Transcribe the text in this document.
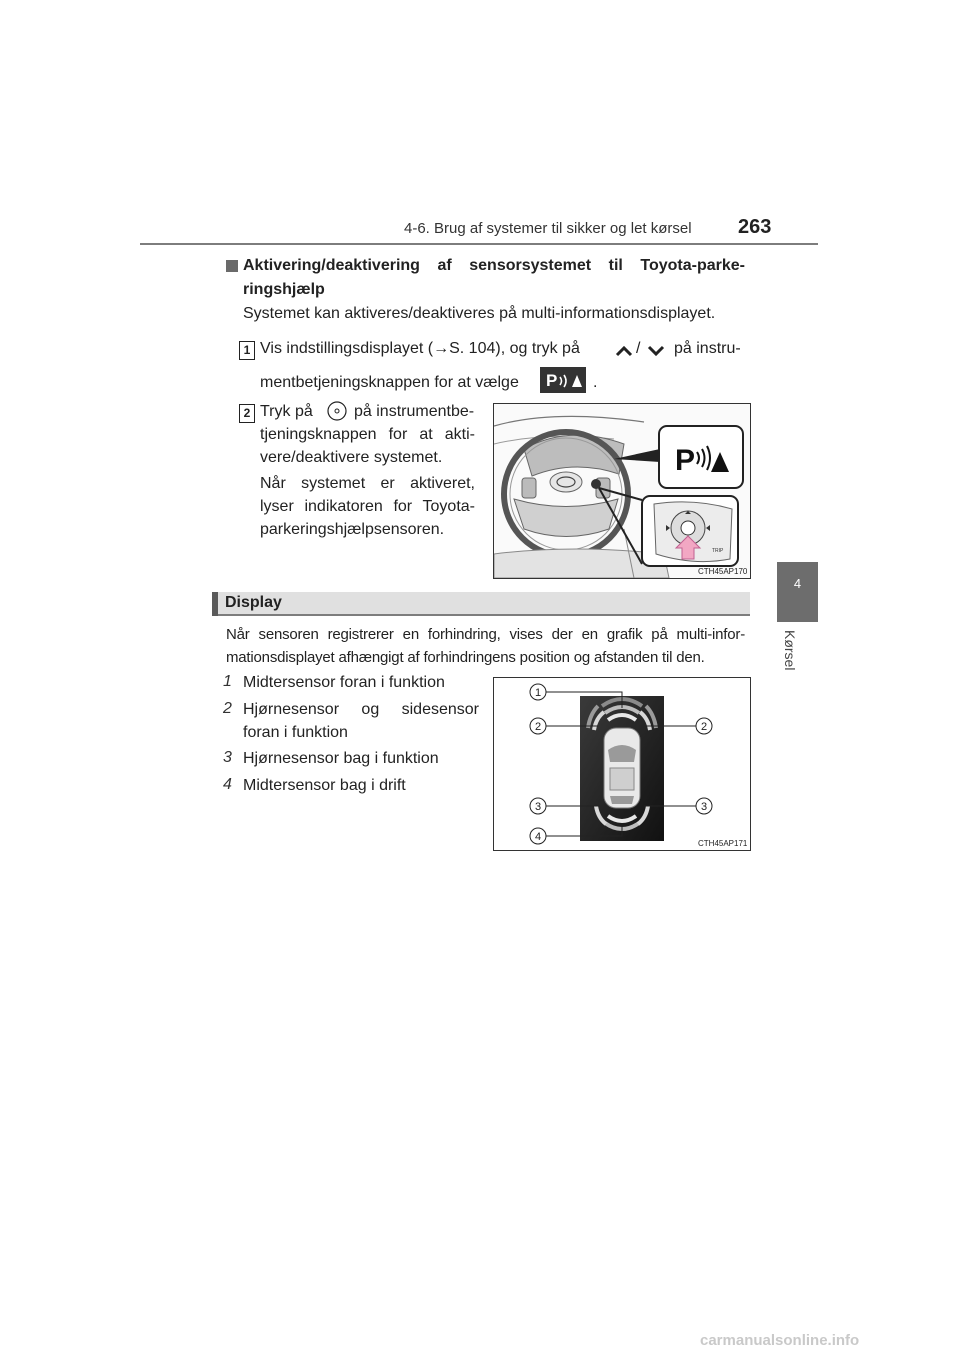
4-6. Brug af systemer til sikker og let kørsel 263
4
Kørsel
Aktivering/deaktivering af sensorsystemet til Toyota-parke-
ringshjælp
Systemet kan aktiveres/deaktiveres på multi-informationsdisplayet.
1 Vis indstillingsdisplayet (→S. 104), og tryk på	/ på instru-
mentbetjeningsknappen for at vælge P .
2 Tryk på	på instrumentbe-
tjeningsknappen for at akti-
vere/deaktivere systemet.
Når systemet er aktiveret,
lyser indikatoren for Toyota-
parkeringshjælpsensoren.
P
TRIP
CTH45AP170
Display
Når sensoren registrerer en forhindring, vises der en grafik på multi-infor-
mationsdisplayet afhængigt af forhindringens position og afstanden til den.
1 Midtersensor foran i funktion
2 Hjørnesensor og sidesensor
foran i funktion
3 Hjørnesensor bag i funktion
4 Midtersensor bag i drift
1
2	2
3	3
4
CTH45AP171
carmanualsonline.info
